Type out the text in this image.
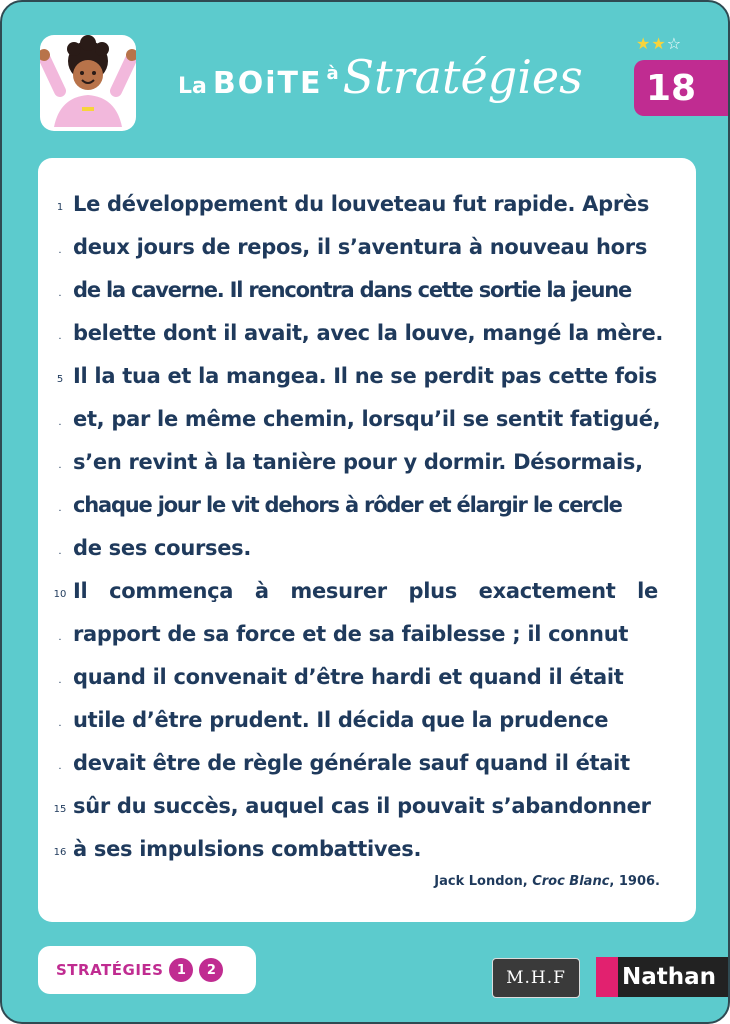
La BOiTE à Stratégies
★★☆
18
1 Le développement du louveteau fut rapide. Après
. deux jours de repos, il s’aventura à nouveau hors
. de la caverne. Il rencontra dans cette sortie la jeune
. belette dont il avait, avec la louve, mangé la mère.
5 Il la tua et la mangea. Il ne se perdit pas cette fois
. et, par le même chemin, lorsqu’il se sentit fatigué,
. s’en revint à la tanière pour y dormir. Désormais,
. chaque jour le vit dehors à rôder et élargir le cercle
. de ses courses.
10 Il commença à mesurer plus exactement le
. rapport de sa force et de sa faiblesse ; il connut
. quand il convenait d’être hardi et quand il était
. utile d’être prudent. Il décida que la prudence
. devait être de règle générale sauf quand il était
15 sûr du succès, auquel cas il pouvait s’abandonner
16 à ses impulsions combattives.
Jack London, Croc Blanc, 1906.
STRATÉGIES	1	2	M.H.F	Nathan
